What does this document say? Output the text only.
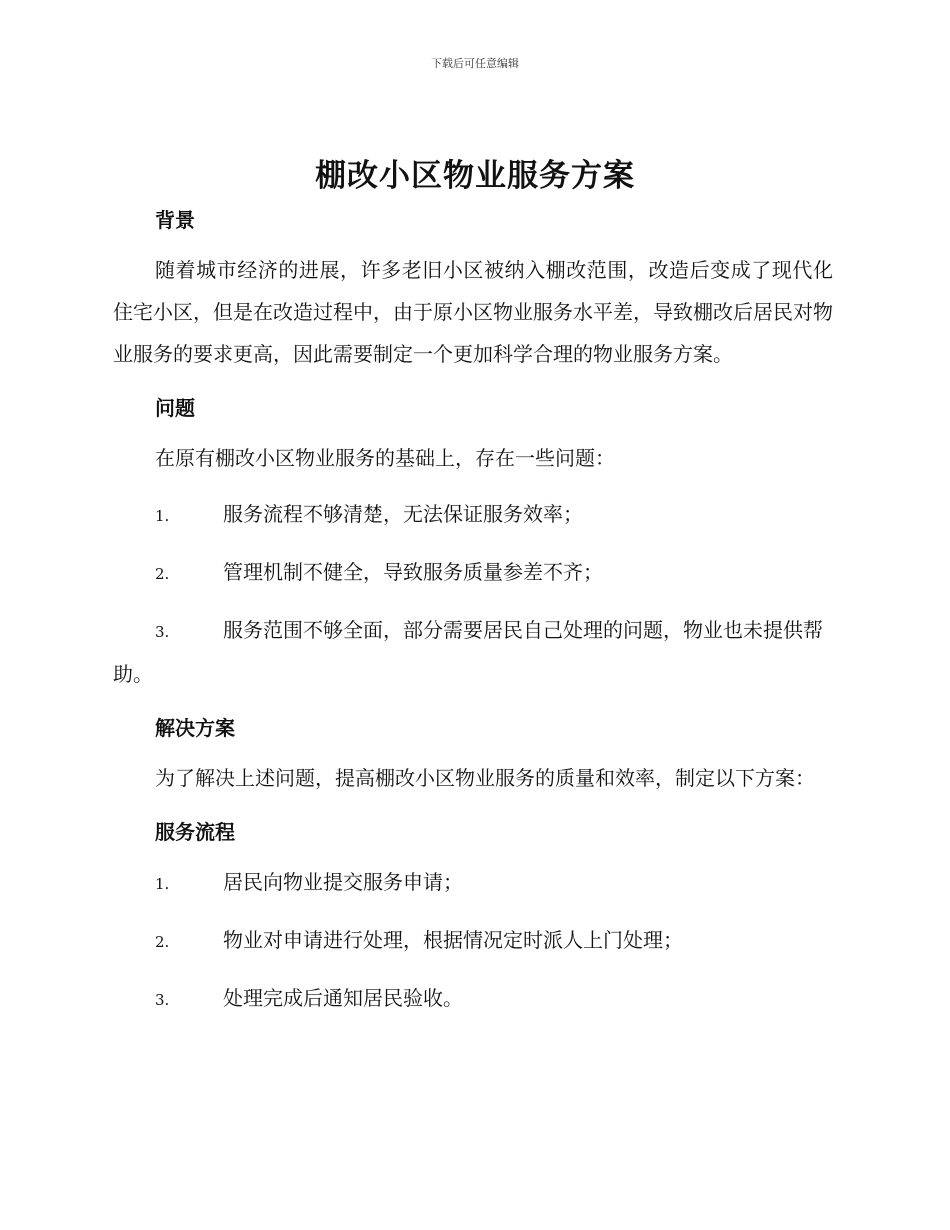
下载后可任意编辑
棚改小区物业服务方案
背景

随着城市经济的进展，许多老旧小区被纳入棚改范围，改造后变成了现代化住宅小区，但是在改造过程中，由于原小区物业服务水平差，导致棚改后居民对物业服务的要求更高，因此需要制定一个更加科学合理的物业服务方案。

问题

在原有棚改小区物业服务的基础上，存在一些问题：

1.	服务流程不够清楚，无法保证服务效率；

2.	管理机制不健全，导致服务质量参差不齐；

3.	服务范围不够全面，部分需要居民自己处理的问题，物业也未提供帮助。

解决方案

为了解决上述问题，提高棚改小区物业服务的质量和效率，制定以下方案：

服务流程

1.	居民向物业提交服务申请；

2.	物业对申请进行处理，根据情况定时派人上门处理；

3.	处理完成后通知居民验收。
